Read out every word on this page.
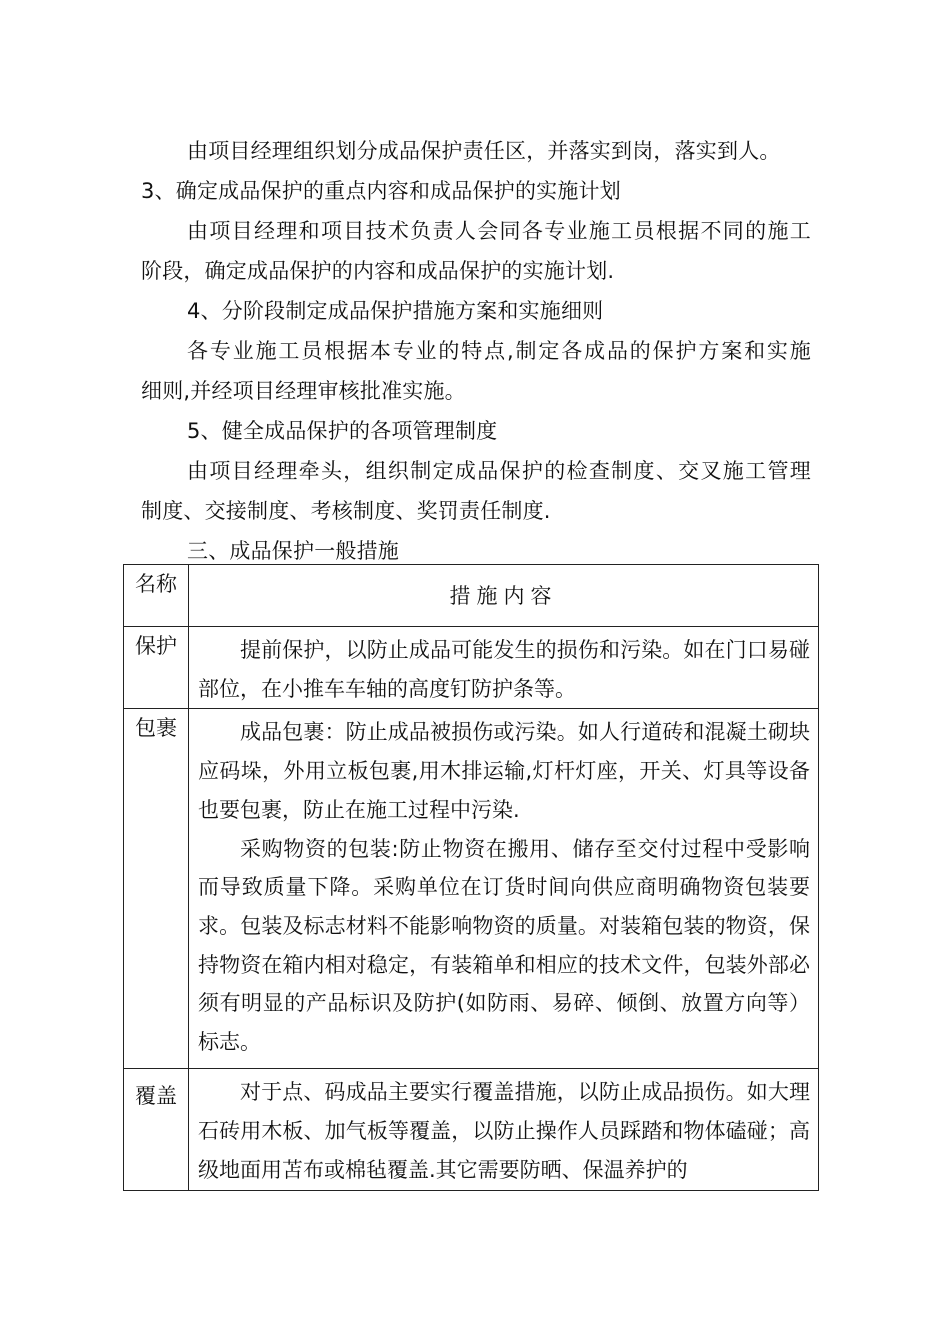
由项目经理组织划分成品保护责任区，并落实到岗，落实到人。
3、确定成品保护的重点内容和成品保护的实施计划
由项目经理和项目技术负责人会同各专业施工员根据不同的施工
阶段，确定成品保护的内容和成品保护的实施计划.
4、分阶段制定成品保护措施方案和实施细则
各专业施工员根据本专业的特点,制定各成品的保护方案和实施
细则,并经项目经理审核批准实施。
5、健全成品保护的各项管理制度
由项目经理牵头，组织制定成品保护的检查制度、交叉施工管理
制度、交接制度、考核制度、奖罚责任制度.
三、成品保护一般措施
名称	措施内容

保护	提前保护，以防止成品可能发生的损伤和污染。如在门口易碰部位，在小推车车轴的高度钉防护条等。

包裹	成品包裹：防止成品被损伤或污染。如人行道砖和混凝土砌块应码垛，外用立板包裹,用木排运输,灯杆灯座，开关、灯具等设备也要包裹，防止在施工过程中污染.
采购物资的包装:防止物资在搬用、储存至交付过程中受影响而导致质量下降。采购单位在订货时间向供应商明确物资包装要求。包装及标志材料不能影响物资的质量。对装箱包装的物资，保持物资在箱内相对稳定，有装箱单和相应的技术文件，包装外部必须有明显的产品标识及防护(如防雨、易碎、倾倒、放置方向等）标志。

覆盖	对于点、码成品主要实行覆盖措施，以防止成品损伤。如大理石砖用木板、加气板等覆盖，以防止操作人员踩踏和物体磕碰；高级地面用苫布或棉毡覆盖.其它需要防晒、保温养护的
